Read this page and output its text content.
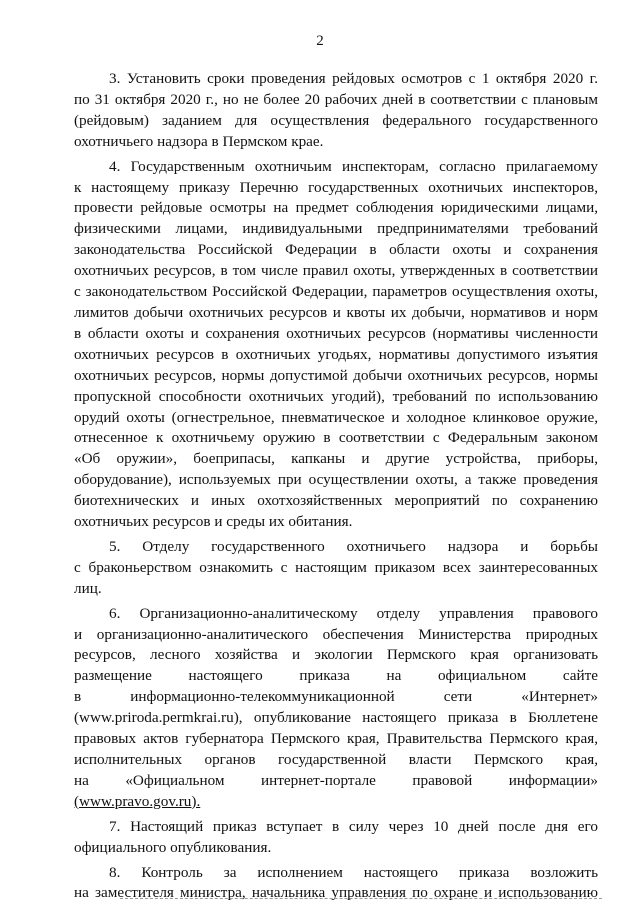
2

3. Установить сроки проведения рейдовых осмотров с 1 октября 2020 г.
по 31 октября 2020 г., но не более 20 рабочих дней в соответствии с плановым
(рейдовым) заданием для осуществления федерального государственного
охотничьего надзора в Пермском крае.

4. Государственным охотничьим инспекторам, согласно прилагаемому
к настоящему приказу Перечню государственных охотничьих инспекторов,
провести рейдовые осмотры на предмет соблюдения юридическими лицами,
физическими лицами, индивидуальными предпринимателями требований
законодательства Российской Федерации в области охоты и сохранения
охотничьих ресурсов, в том числе правил охоты, утвержденных в соответствии
с законодательством Российской Федерации, параметров осуществления охоты,
лимитов добычи охотничьих ресурсов и квоты их добычи, нормативов и норм
в области охоты и сохранения охотничьих ресурсов (нормативы численности
охотничьих ресурсов в охотничьих угодьях, нормативы допустимого изъятия
охотничьих ресурсов, нормы допустимой добычи охотничьих ресурсов, нормы
пропускной способности охотничьих угодий), требований по использованию
орудий охоты (огнестрельное, пневматическое и холодное клинковое оружие,
отнесенное к охотничьему оружию в соответствии с Федеральным законом
«Об оружии», боеприпасы, капканы и другие устройства, приборы,
оборудование), используемых при осуществлении охоты, а также проведения
биотехнических и иных охотхозяйственных мероприятий по сохранению
охотничьих ресурсов и среды их обитания.

5. Отделу государственного охотничьего надзора и борьбы
с браконьерством ознакомить с настоящим приказом всех заинтересованных
лиц.

6. Организационно-аналитическому отделу управления правового
и организационно-аналитического обеспечения Министерства природных
ресурсов, лесного хозяйства и экологии Пермского края организовать
размещение настоящего приказа на официальном сайте
в информационно-телекоммуникационной сети «Интернет»
(www.priroda.permkrai.ru), опубликование настоящего приказа в Бюллетене
правовых актов губернатора Пермского края, Правительства Пермского края,
исполнительных органов государственной власти Пермского края,
на «Официальном интернет-портале правовой информации»
(www.pravo.gov.ru).

7. Настоящий приказ вступает в силу через 10 дней после дня его
официального опубликования.

8. Контроль за исполнением настоящего приказа возложить
на заместителя министра, начальника управления по охране и использованию
